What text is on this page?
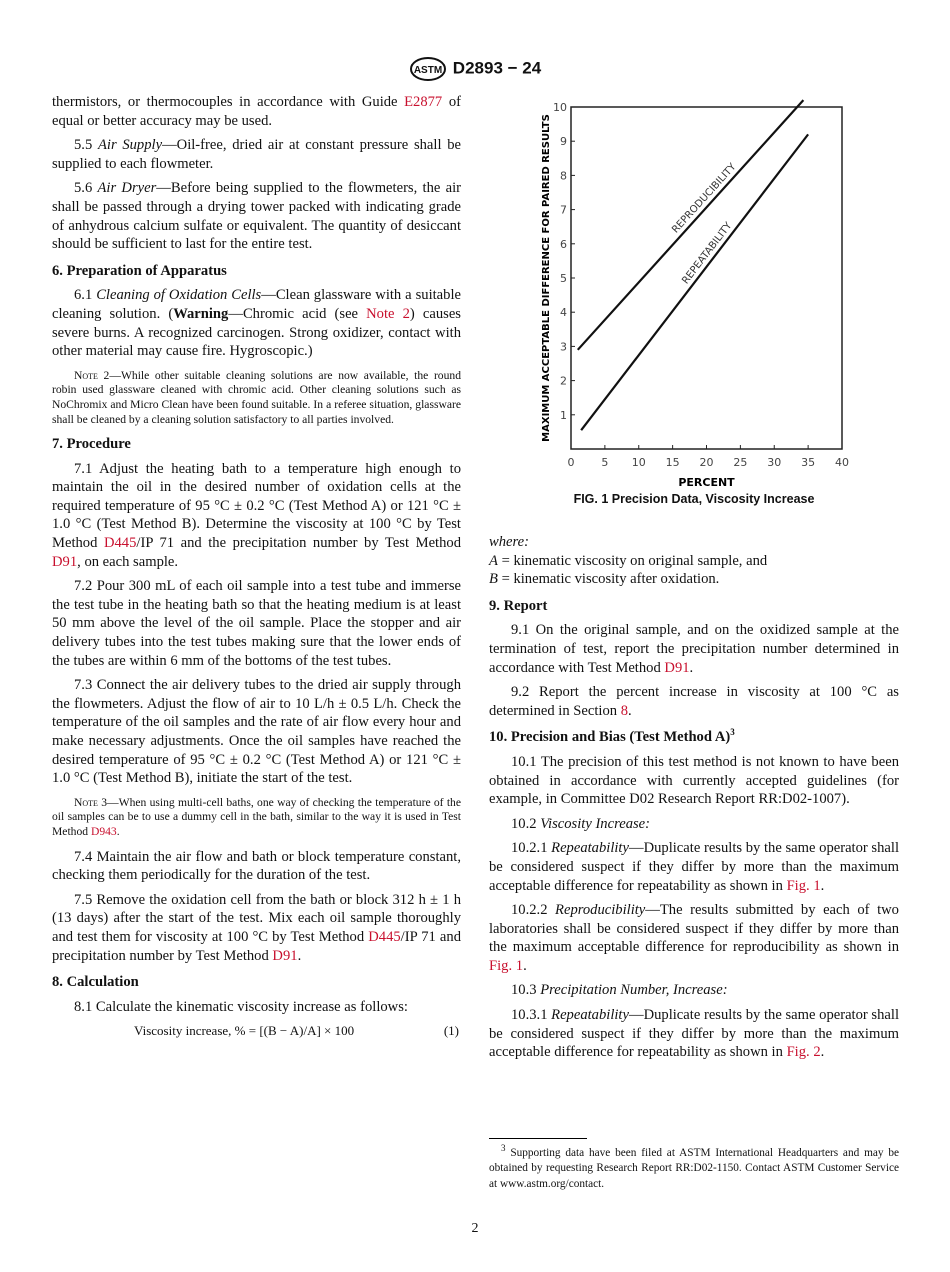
ASTM D2893 − 24

thermistors, or thermocouples in accordance with Guide E2877 of equal or better accuracy may be used.

5.5 Air Supply—Oil-free, dried air at constant pressure shall be supplied to each flowmeter.

5.6 Air Dryer—Before being supplied to the flowmeters, the air shall be passed through a drying tower packed with indicating grade of anhydrous calcium sulfate or equivalent. The quantity of desiccant should be sufficient to last for the entire test.

6. Preparation of Apparatus

6.1 Cleaning of Oxidation Cells—Clean glassware with a suitable cleaning solution. (Warning—Chromic acid (see Note 2) causes severe burns. A recognized carcinogen. Strong oxidizer, contact with other material may cause fire. Hygroscopic.)

Note 2—While other suitable cleaning solutions are now available, the round robin used glassware cleaned with chromic acid. Other cleaning solutions such as NoChromix and Micro Clean have been found suitable. In a referee situation, glassware shall be cleaned by a cleaning solution satisfactory to all parties involved.

7. Procedure

7.1 Adjust the heating bath to a temperature high enough to maintain the oil in the desired number of oxidation cells at the required temperature of 95 °C ± 0.2 °C (Test Method A) or 121 °C ± 1.0 °C (Test Method B). Determine the viscosity at 100 °C by Test Method D445/IP 71 and the precipitation number by Test Method D91, on each sample.

7.2 Pour 300 mL of each oil sample into a test tube and immerse the test tube in the heating bath so that the heating medium is at least 50 mm above the level of the oil sample. Place the stopper and air delivery tubes into the test tubes making sure that the lower ends of the tubes are within 6 mm of the bottoms of the test tubes.

7.3 Connect the air delivery tubes to the dried air supply through the flowmeters. Adjust the flow of air to 10 L/h ± 0.5 L/h. Check the temperature of the oil samples and the rate of air flow every hour and make necessary adjustments. Once the oil samples have reached the desired temperature of 95 °C ± 0.2 °C (Test Method A) or 121 °C ± 1.0 °C (Test Method B), initiate the start of the test.

Note 3—When using multi-cell baths, one way of checking the temperature of the oil samples can be to use a dummy cell in the bath, similar to the way it is used in Test Method D943.

7.4 Maintain the air flow and bath or block temperature constant, checking them periodically for the duration of the test.

7.5 Remove the oxidation cell from the bath or block 312 h ± 1 h (13 days) after the start of the test. Mix each oil sample thoroughly and test them for viscosity at 100 °C by Test Method D445/IP 71 and precipitation number by Test Method D91.

8. Calculation

8.1 Calculate the kinematic viscosity increase as follows:

Viscosity increase, % = [(B − A)/A] × 100	(1)

0 5 10 15 20 25 30 35 40
1
2
3
4
5
6
7
8
9
10
PERCENT
MAXIMUM ACCEPTABLE DIFFERENCE FOR PAIRED RESULTS	REPRODUCIBILITY
REPEATABILITY
FIG. 1 Precision Data, Viscosity Increase

where:

A = kinematic viscosity on original sample, and

B = kinematic viscosity after oxidation.

9. Report

9.1 On the original sample, and on the oxidized sample at the termination of test, report the precipitation number determined in accordance with Test Method D91.

9.2 Report the percent increase in viscosity at 100 °C as determined in Section 8.

10. Precision and Bias (Test Method A)$^3$

10.1 The precision of this test method is not known to have been obtained in accordance with currently accepted guidelines (for example, in Committee D02 Research Report RR:D02-1007).

10.2 Viscosity Increase:

10.2.1 Repeatability—Duplicate results by the same operator shall be considered suspect if they differ by more than the maximum acceptable difference for repeatability as shown in Fig. 1.

10.2.2 Reproducibility—The results submitted by each of two laboratories shall be considered suspect if they differ by more than the maximum acceptable difference for reproducibility as shown in Fig. 1.

10.3 Precipitation Number, Increase:

10.3.1 Repeatability—Duplicate results by the same operator shall be considered suspect if they differ by more than the maximum acceptable difference for repeatability as shown in Fig. 2.

$^3$ Supporting data have been filed at ASTM International Headquarters and may be obtained by requesting Research Report RR:D02-1150. Contact ASTM Customer Service at www.astm.org/contact.
2
